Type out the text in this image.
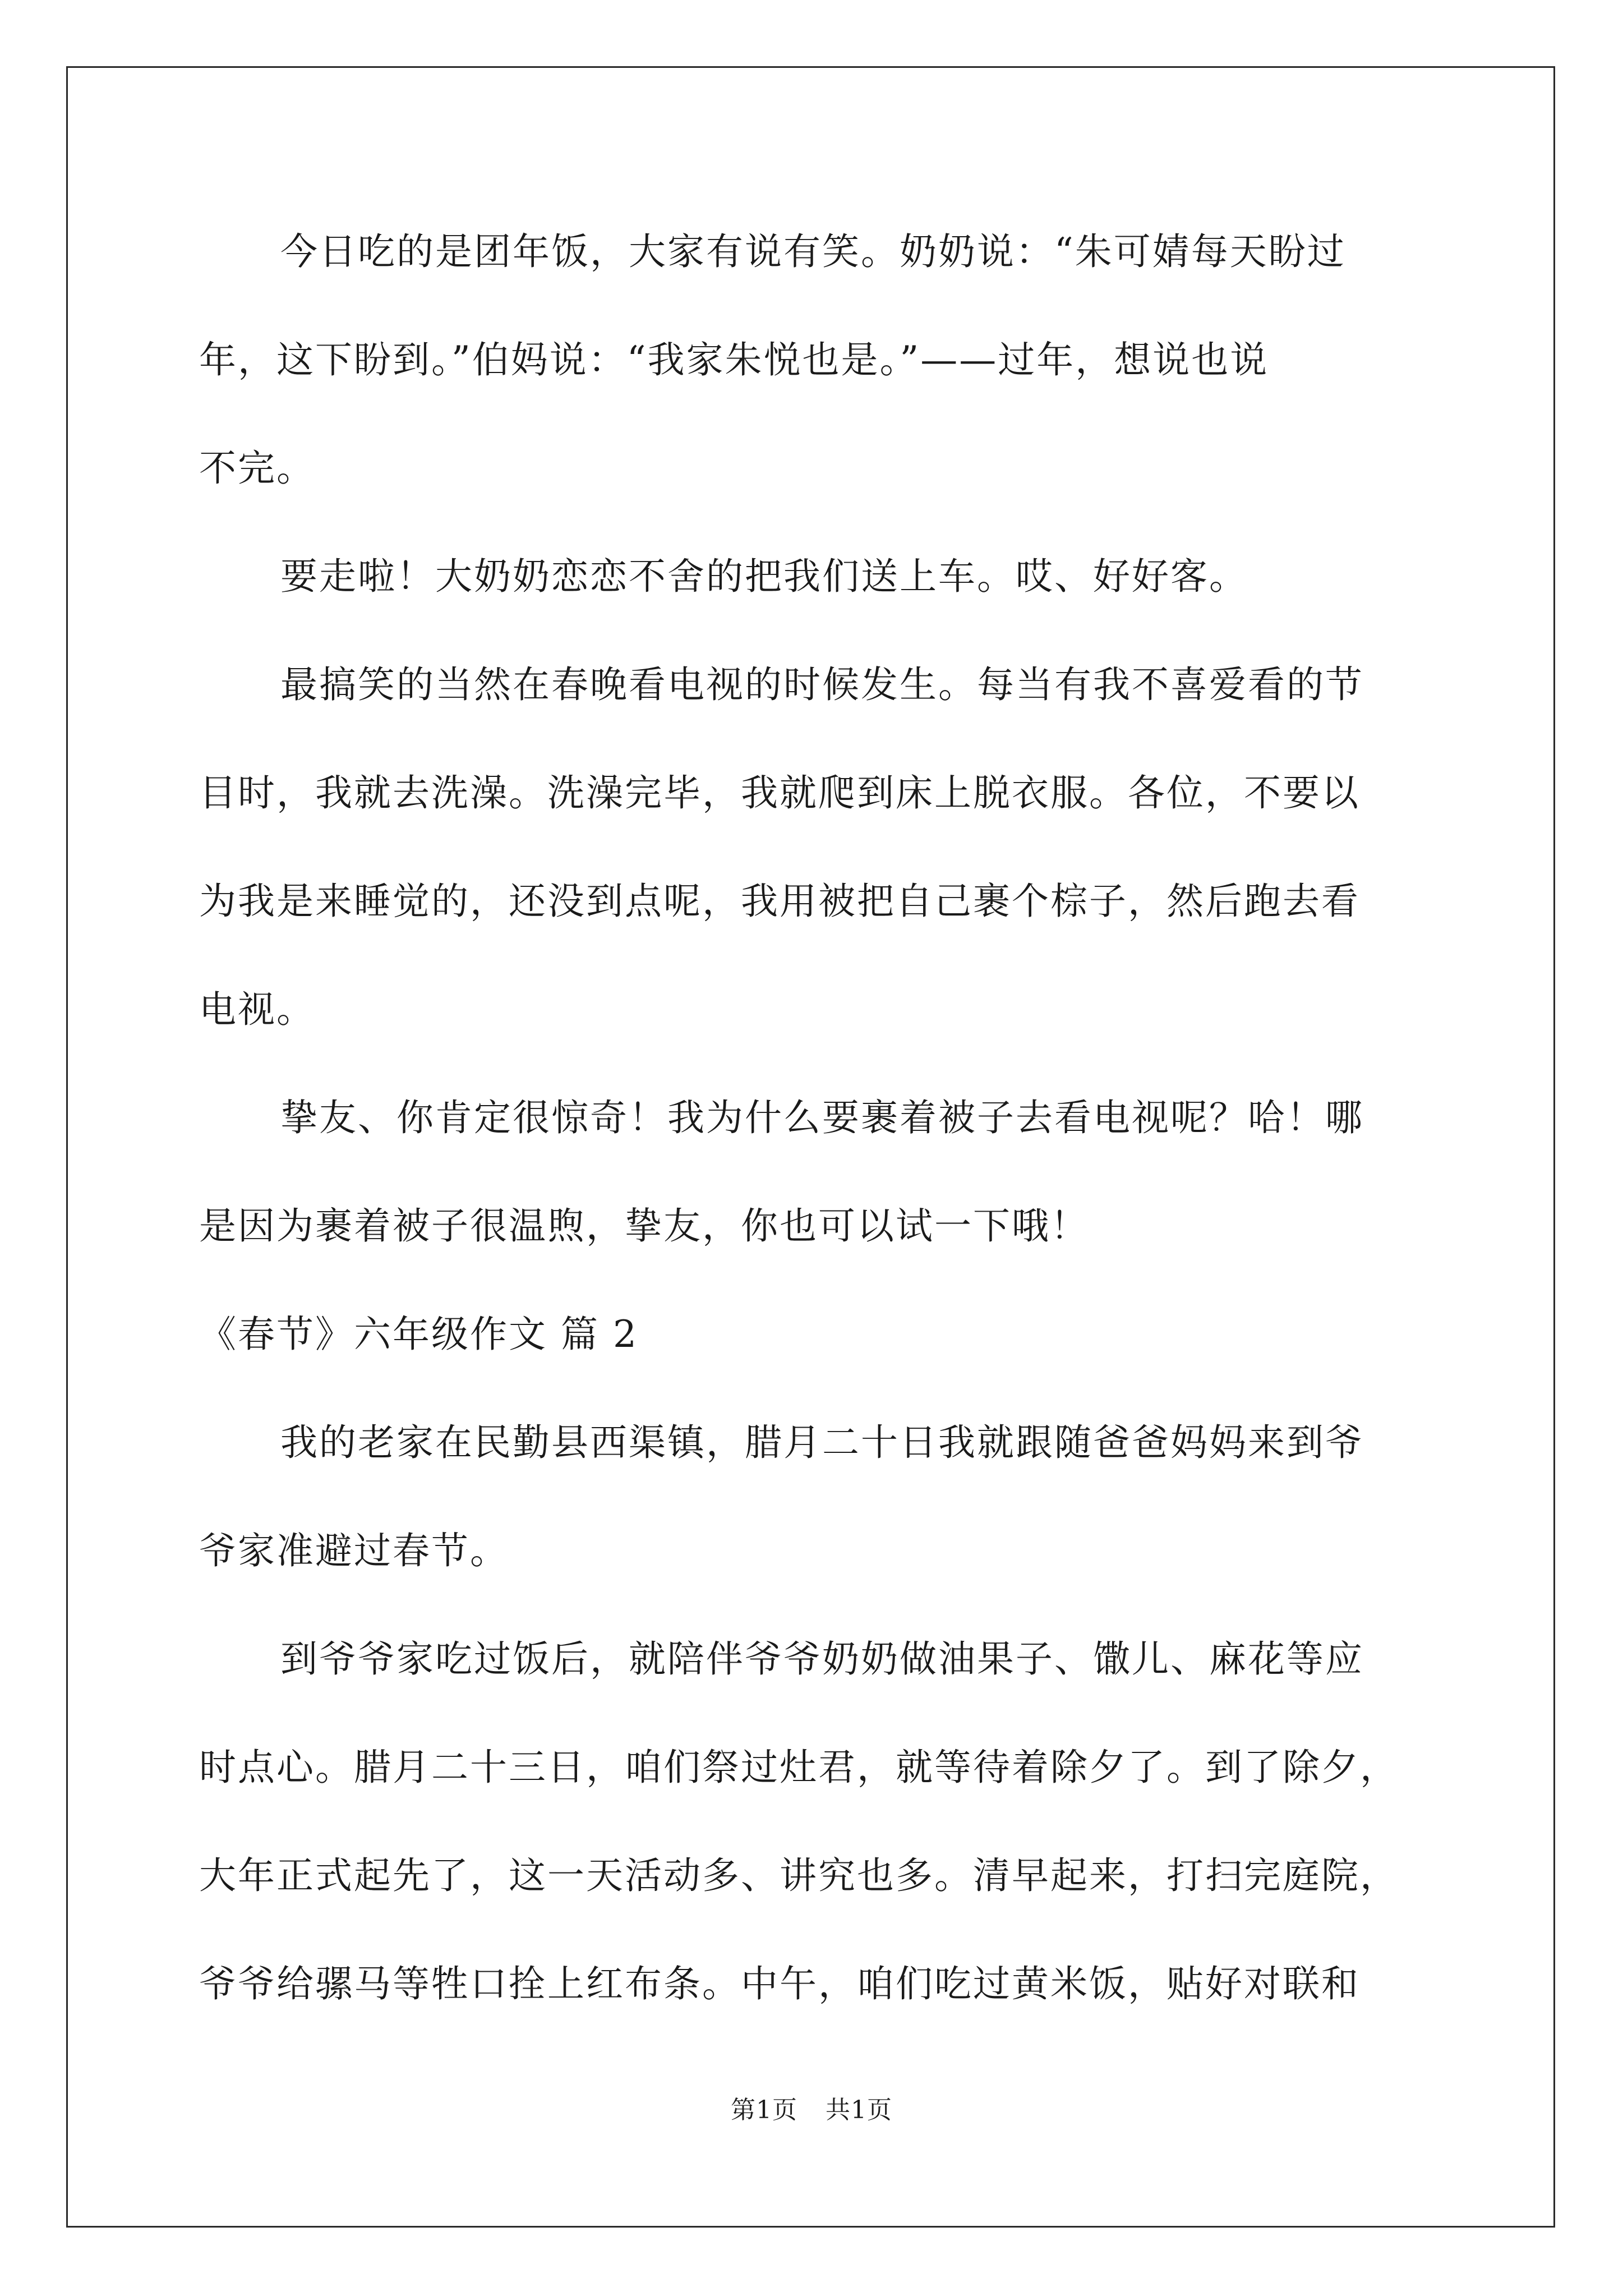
今日吃的是团年饭，大家有说有笑。奶奶说：“朱可婧每天盼过
年，这下盼到。”伯妈说：“我家朱悦也是。”——过年，想说也说
不完。
要走啦！大奶奶恋恋不舍的把我们送上车。哎、好好客。
最搞笑的当然在春晚看电视的时候发生。每当有我不喜爱看的节
目时，我就去洗澡。洗澡完毕，我就爬到床上脱衣服。各位，不要以
为我是来睡觉的，还没到点呢，我用被把自己裹个棕子，然后跑去看
电视。
挚友、你肯定很惊奇！我为什么要裹着被子去看电视呢？哈！哪
是因为裹着被子很温煦，挚友，你也可以试一下哦！
《春节》六年级作文 篇 2
我的老家在民勤县西渠镇，腊月二十日我就跟随爸爸妈妈来到爷
爷家准避过春节。
到爷爷家吃过饭后，就陪伴爷爷奶奶做油果子、馓儿、麻花等应
时点心。腊月二十三日，咱们祭过灶君，就等待着除夕了。到了除夕，
大年正式起先了，这一天活动多、讲究也多。清早起来，打扫完庭院，
爷爷给骡马等牲口拴上红布条。中午，咱们吃过黄米饭，贴好对联和
第1页 共1页
